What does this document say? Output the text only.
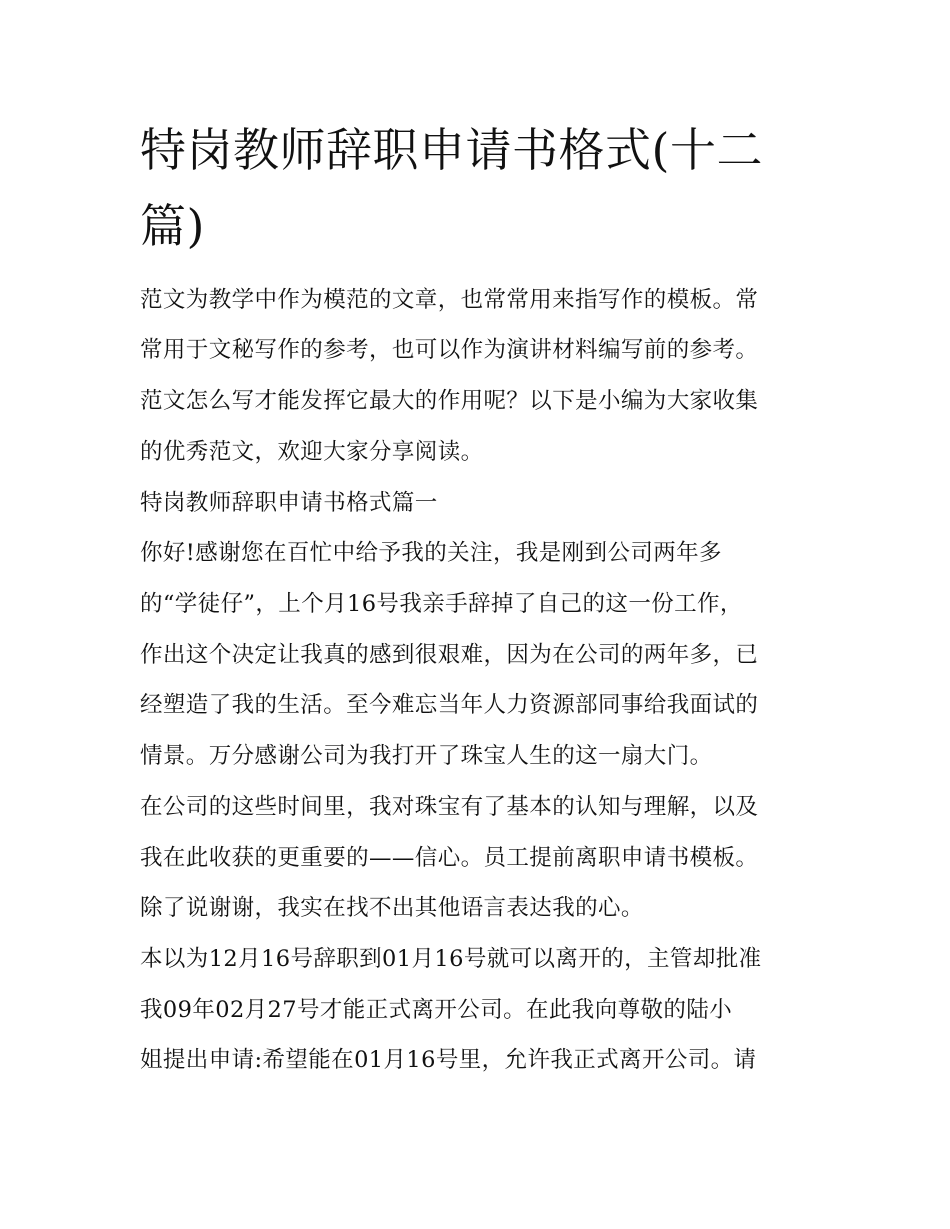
特岗教师辞职申请书格式(十二
篇)
范文为教学中作为模范的文章，也常常用来指写作的模板。常
常用于文秘写作的参考，也可以作为演讲材料编写前的参考。
范文怎么写才能发挥它最大的作用呢？以下是小编为大家收集
的优秀范文，欢迎大家分享阅读。
特岗教师辞职申请书格式篇一
你好!感谢您在百忙中给予我的关注，我是刚到公司两年多
的“学徒仔”，上个月16号我亲手辞掉了自己的这一份工作，
作出这个决定让我真的感到很艰难，因为在公司的两年多，已
经塑造了我的生活。至今难忘当年人力资源部同事给我面试的
情景。万分感谢公司为我打开了珠宝人生的这一扇大门。
在公司的这些时间里，我对珠宝有了基本的认知与理解，以及
我在此收获的更重要的——信心。员工提前离职申请书模板。
除了说谢谢，我实在找不出其他语言表达我的心。
本以为12月16号辞职到01月16号就可以离开的，主管却批准
我09年02月27号才能正式离开公司。在此我向尊敬的陆小
姐提出申请:希望能在01月16号里，允许我正式离开公司。请
